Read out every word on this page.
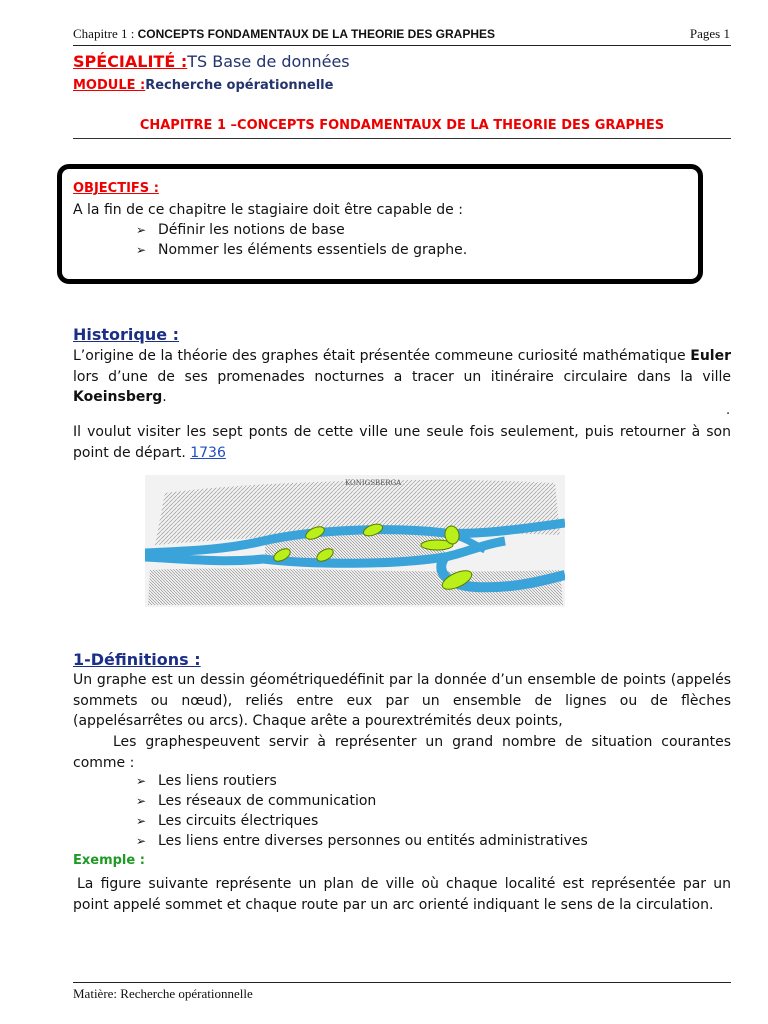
Chapitre 1 : CONCEPTS FONDAMENTAUX DE LA THEORIE DES GRAPHES	Pages 1
SPÉCIALITÉ :TS Base de données
MODULE :Recherche opérationnelle
CHAPITRE 1 –CONCEPTS FONDAMENTAUX DE LA THEORIE DES GRAPHES
OBJECTIFS :
A la fin de ce chapitre le stagiaire doit être capable de :
➢ Définir les notions de base
➢ Nommer les éléments essentiels de graphe.
Historique :
L’origine de la théorie des graphes était présentée commeune curiosité mathématique Euler lors d’une de ses promenades nocturnes a tracer un itinéraire circulaire dans la ville Koeinsberg.
.
Il voulut visiter les sept ponts de cette ville une seule fois seulement, puis retourner à son point de départ. 1736
KONIGSBERGA
1-Définitions :
Un graphe est un dessin géométriquedéfinit par la donnée d’un ensemble de points (appelés sommets ou nœud), reliés entre eux par un ensemble de lignes ou de flèches (appelésarrêtes ou arcs). Chaque arête a pourextrémités deux points,
Les graphespeuvent servir à représenter un grand nombre de situation courantes comme :
➢ Les liens routiers
➢ Les réseaux de communication
➢ Les circuits électriques
➢ Les liens entre diverses personnes ou entités administratives
Exemple :
La figure suivante représente un plan de ville où chaque localité est représentée par un point appelé sommet et chaque route par un arc orienté indiquant le sens de la circulation.
Matière: Recherche opérationnelle
